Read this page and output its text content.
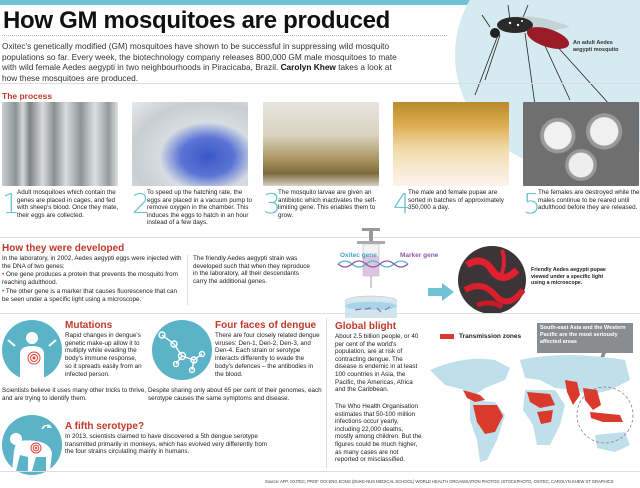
An adult Aedes aegypti mosquito
How GM mosquitoes are produced
Oxitec's genetically modified (GM) mosquitoes have shown to be successful in suppressing wild mosquito populations so far. Every week, the biotechnology company releases 800,000 GM male mosquitoes to mate with wild female Aedes aegypti in two neighbourhoods in Piracicaba, Brazil. Carolyn Khew takes a look at how these mosquitoes are produced.
The process
1
Adult mosquitoes which contain the genes are placed in cages, and fed with sheep's blood. Once they mate, their eggs are collected.	2
To speed up the hatching rate, the eggs are placed in a vacuum pump to remove oxygen in the chamber. This induces the eggs to hatch in an hour instead of a few days.
3
The mosquito larvae are given an antibiotic which inactivates the self-limiting gene. This enables them to grow.	4
The male and female pupae are sorted in batches of approximately 350,000 a day.	5
The females are destroyed while the males continue to be reared until adulthood before they are released.
How they were developed
In the laboratory, in 2002, Aedes aegypti eggs were injected with the DNA of two genes:
• One gene produces a protein that prevents the mosquito from reaching adulthood.
• The other gene is a marker that causes fluorescence that can be seen under a specific light using a microscope.
The friendly Aedes aegypti strain was developed such that when they reproduce in the laboratory, all their descendants carry the additional genes.
Oxitec gene	Marker gene
Friendly Aedes aegypti pupae viewed under a specific light using a microscope.
Mutations
Rapid changes in dengue's genetic make-up allow it to multiply while evading the body's immune response, so it spreads easily from an infected person.
Scientists believe it uses many other tricks to thrive, and are trying to identify them.
Four faces of dengue
There are four closely related dengue viruses: Den-1, Den-2, Den-3, and Den-4. Each strain or serotype interacts differently to evade the body's defences – the antibodies in the blood.
Despite sharing only about 65 per cent of their genomes, each serotype causes the same symptoms and disease.
A fifth serotype?
In 2013, scientists claimed to have discovered a 5th dengue serotype transmitted primarily in monkeys, which has evolved very differently from the four strains circulating mainly in humans.
Global blight
About 2.5 billion people, or 40 per cent of the world's population, are at risk of contracting dengue. The disease is endemic in at least 100 countries in Asia, the Pacific, the Americas, Africa and the Caribbean.
The Who Health Organisation estimates that 50-100 million infections occur yearly, including 22,000 deaths, mostly among children. But the figures could be much higher, as many cases are not reported or misclassified.
Transmission zones
South-east Asia and the Western Pacific are the most seriously affected areas
Source: AFP, OXITEC, PROF OOI ENG EONG (DUKE-NUS MEDICAL SCHOOL) WORLD HEALTH ORGANISATION PHOTOS: ISTOCKPHOTO, OXITEC, CAROLYN KHEW ST GRAPHICS
